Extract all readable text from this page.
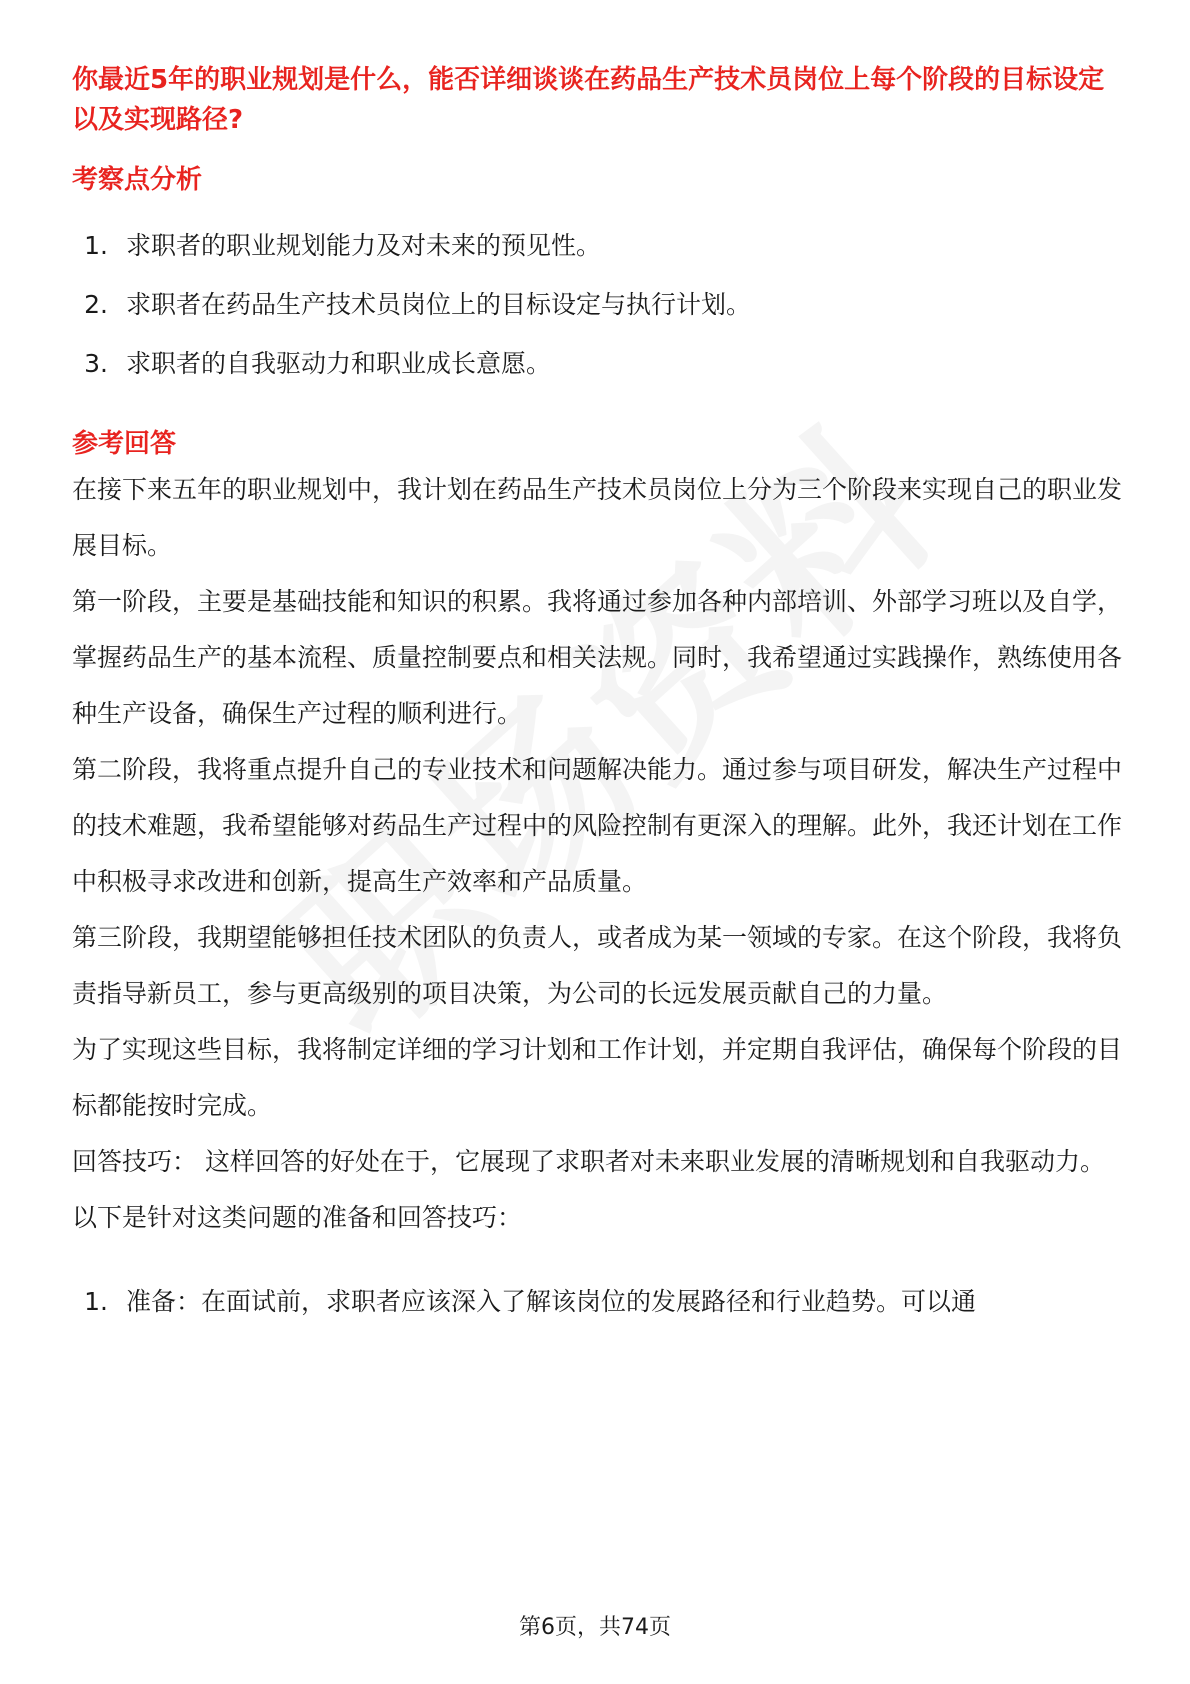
你最近5年的职业规划是什么，能否详细谈谈在药品生产技术员岗位上每个阶段的目标设定以及实现路径?
考察点分析
1. 求职者的职业规划能力及对未来的预见性。
2. 求职者在药品生产技术员岗位上的目标设定与执行计划。
3. 求职者的自我驱动力和职业成长意愿。
参考回答

在接下来五年的职业规划中，我计划在药品生产技术员岗位上分为三个阶段来实现自己的职业发展目标。

第一阶段，主要是基础技能和知识的积累。我将通过参加各种内部培训、外部学习班以及自学，掌握药品生产的基本流程、质量控制要点和相关法规。同时，我希望通过实践操作，熟练使用各种生产设备，确保生产过程的顺利进行。

第二阶段，我将重点提升自己的专业技术和问题解决能力。通过参与项目研发，解决生产过程中的技术难题，我希望能够对药品生产过程中的风险控制有更深入的理解。此外，我还计划在工作中积极寻求改进和创新，提高生产效率和产品质量。

第三阶段，我期望能够担任技术团队的负责人，或者成为某一领域的专家。在这个阶段，我将负责指导新员工，参与更高级别的项目决策，为公司的长远发展贡献自己的力量。

为了实现这些目标，我将制定详细的学习计划和工作计划，并定期自我评估，确保每个阶段的目标都能按时完成。

回答技巧： 这样回答的好处在于，它展现了求职者对未来职业发展的清晰规划和自我驱动力。以下是针对这类问题的准备和回答技巧：

1. 准备：在面试前，求职者应该深入了解该岗位的发展路径和行业趋势。可以通
第6页，共74页
